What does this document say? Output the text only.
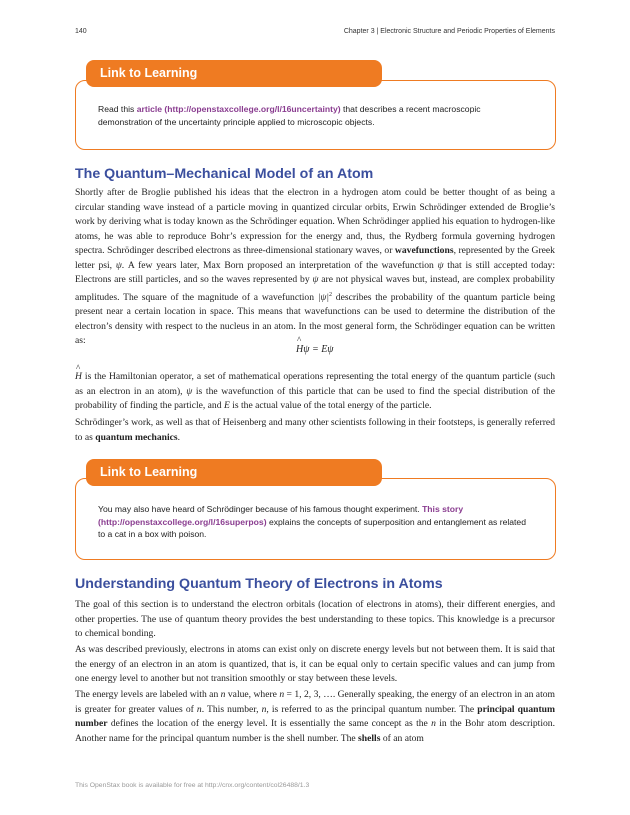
140	Chapter 3 | Electronic Structure and Periodic Properties of Elements
Link to Learning
Read this article (http://openstaxcollege.org/l/16uncertainty) that describes a recent macroscopic demonstration of the uncertainty principle applied to microscopic objects.
The Quantum–Mechanical Model of an Atom

Shortly after de Broglie published his ideas that the electron in a hydrogen atom could be better thought of as being a circular standing wave instead of a particle moving in quantized circular orbits, Erwin Schrödinger extended de Broglie’s work by deriving what is today known as the Schrödinger equation. When Schrödinger applied his equation to hydrogen-like atoms, he was able to reproduce Bohr’s expression for the energy and, thus, the Rydberg formula governing hydrogen spectra. Schrödinger described electrons as three-dimensional stationary waves, or wavefunctions, represented by the Greek letter psi, ψ. A few years later, Max Born proposed an interpretation of the wavefunction ψ that is still accepted today: Electrons are still particles, and so the waves represented by ψ are not physical waves but, instead, are complex probability amplitudes. The square of the magnitude of a wavefunction $|\psi|^2$ describes the probability of the quantum particle being present near a certain location in space. This means that wavefunctions can be used to determine the distribution of the electron’s density with respect to the nucleus in an atom. In the most general form, the Schrödinger equation can be written as:

^ Hψ = Eψ

^ H is the Hamiltonian operator, a set of mathematical operations representing the total energy of the quantum particle (such as an electron in an atom), ψ is the wavefunction of this particle that can be used to find the special distribution of the probability of finding the particle, and E is the actual value of the total energy of the particle.

Schrödinger’s work, as well as that of Heisenberg and many other scientists following in their footsteps, is generally referred to as quantum mechanics.

Link to Learning
You may also have heard of Schrödinger because of his famous thought experiment. This story (http://openstaxcollege.org/l/16superpos) explains the concepts of superposition and entanglement as related to a cat in a box with poison.
Understanding Quantum Theory of Electrons in Atoms

The goal of this section is to understand the electron orbitals (location of electrons in atoms), their different energies, and other properties. The use of quantum theory provides the best understanding to these topics. This knowledge is a precursor to chemical bonding.

As was described previously, electrons in atoms can exist only on discrete energy levels but not between them. It is said that the energy of an electron in an atom is quantized, that is, it can be equal only to certain specific values and can jump from one energy level to another but not transition smoothly or stay between these levels.

The energy levels are labeled with an n value, where n = 1, 2, 3, …. Generally speaking, the energy of an electron in an atom is greater for greater values of n. This number, n, is referred to as the principal quantum number. The principal quantum number defines the location of the energy level. It is essentially the same concept as the n in the Bohr atom description. Another name for the principal quantum number is the shell number. The shells of an atom

This OpenStax book is available for free at http://cnx.org/content/col26488/1.3
